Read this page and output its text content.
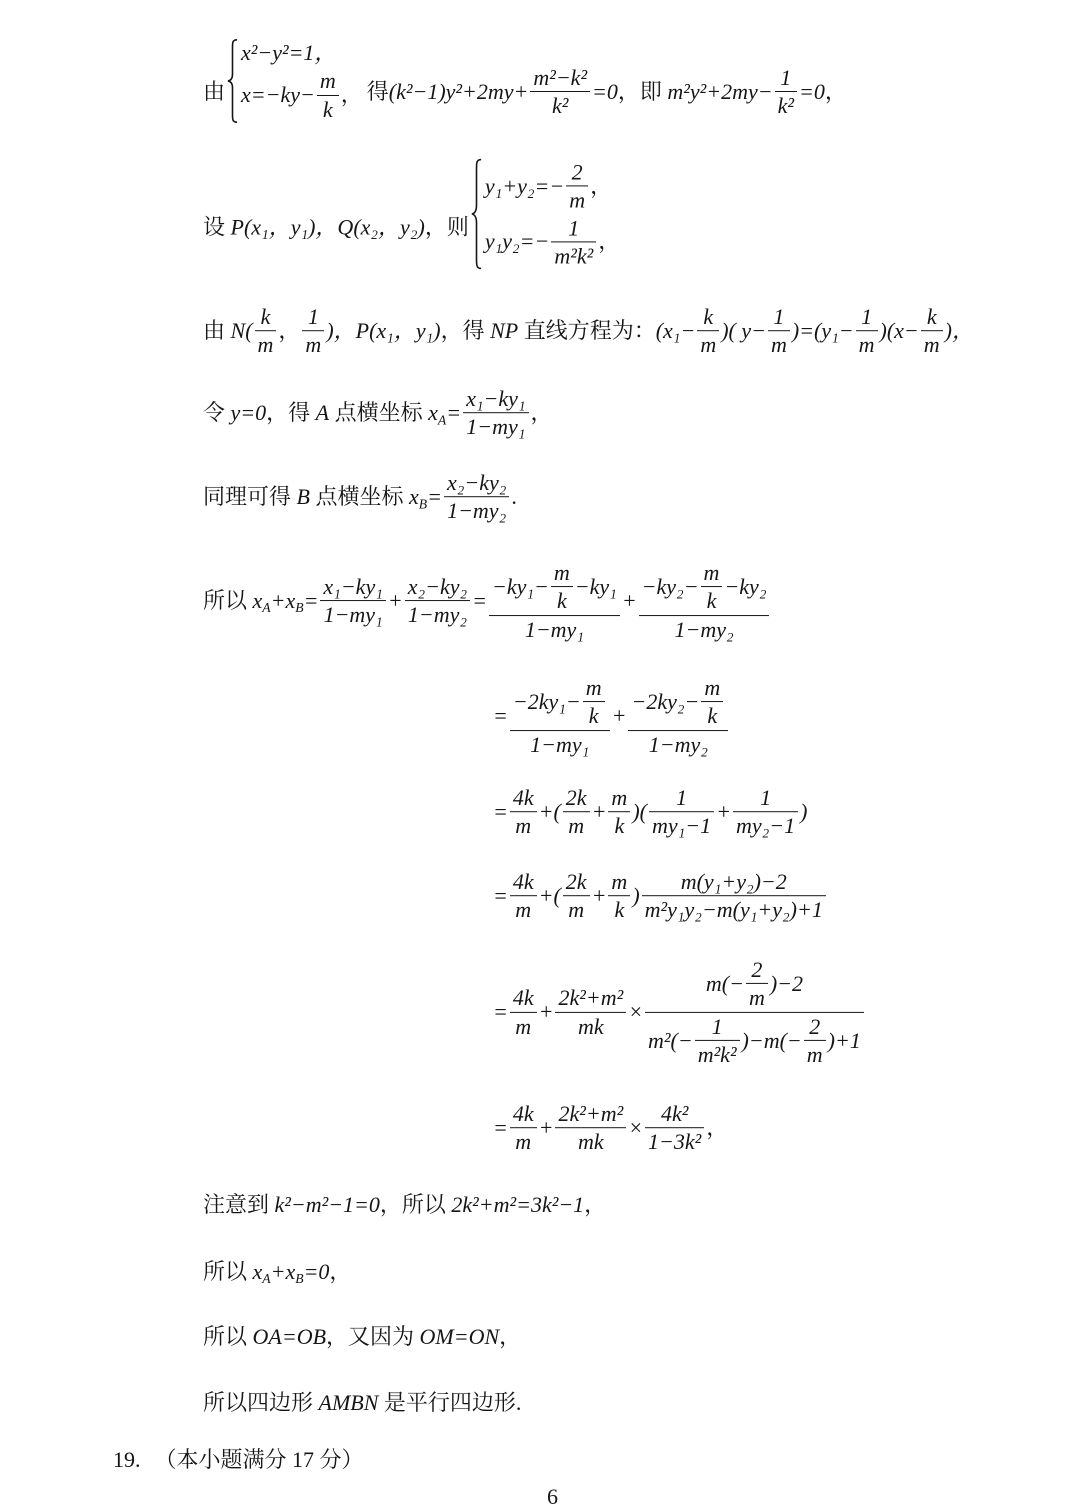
由
x²−y²=1，
$x=-ky- \frac{m}{k}$ ， 得 $(k^2-1)y^2+2my+ \frac{\text{m²−k²}}{\text{k²}} =0$ ，即 $m^2y^2+2my- \frac{1}{\text{k²}} =0$ ，
设 P(x₁，y₁)，Q(x₂，y₂) ，则
$y_1+y_2=- \frac{2}{m}$ ，
$y_1y_2=- \frac{1}{\text{m²k²}}$ ，
由 $N( \frac{k}{m}$ ， $\frac{1}{m}$ )，P(x₁，y₁) ，得 NP 直线方程为： ($x_1- \frac{k}{m}$ )( $y- \frac{1}{m} )=(y_1- \frac{1}{m} )(x- \frac{k}{m}$ )，
令 y=0 ，得 A 点横坐标 $x_A= \frac{\text{x₁−ky₁}}{\text{1−my₁}}$ ，
同理可得 B 点横坐标 $x_B= \frac{\text{x₂−ky₂}}{\text{1−my₂}}$ .
所以 $x_A+x_B= \frac{\text{x₁−ky₁}}{\text{1−my₁}} + \frac{\text{x₂−ky₂}}{\text{1−my₂}} = \frac{-ky_1- \frac{m}{k} -ky_1}{\text{1−my₁}} + \frac{-ky_2- \frac{m}{k} -ky_2}{\text{1−my₂}}$
= $\frac{-2ky_1- \frac{m}{k}}{\text{1−my₁}} + \frac{-2ky_2- \frac{m}{k}}{\text{1−my₂}}$
= $\frac{4k}{m}$ +( $\frac{2k}{m} + \frac{m}{k}$ )( $\frac{1}{\text{my₁−1}} + \frac{1}{\text{my₂−1}}$ )
= $\frac{4k}{m}$ +( $\frac{2k}{m} + \frac{m}{k}$ ) $\frac{\text{m(y₁+y₂)−2}}{\text{m²y₁y₂−m(y₁+y₂)+1}}$
= $\frac{4k}{m} + \frac{\text{2k²+m²}}{mk} \times \frac{m(- \frac{2}{m} )-2}{m^2(- \frac{1}{\text{m²k²}} )-m(- \frac{2}{m} )+1}$
= $\frac{4k}{m} + \frac{\text{2k²+m²}}{mk} \times \frac{\text{4k²}}{\text{1−3k²}}$ ，
注意到 k²−m²−1=0 ，所以 2k²+m²=3k²−1 ，
所以 $x_A+x_B=0$ ，
所以 OA=OB ，又因为 OM=ON ，
所以四边形 AMBN 是平行四边形.
19. （本小题满分 17 分）
6
